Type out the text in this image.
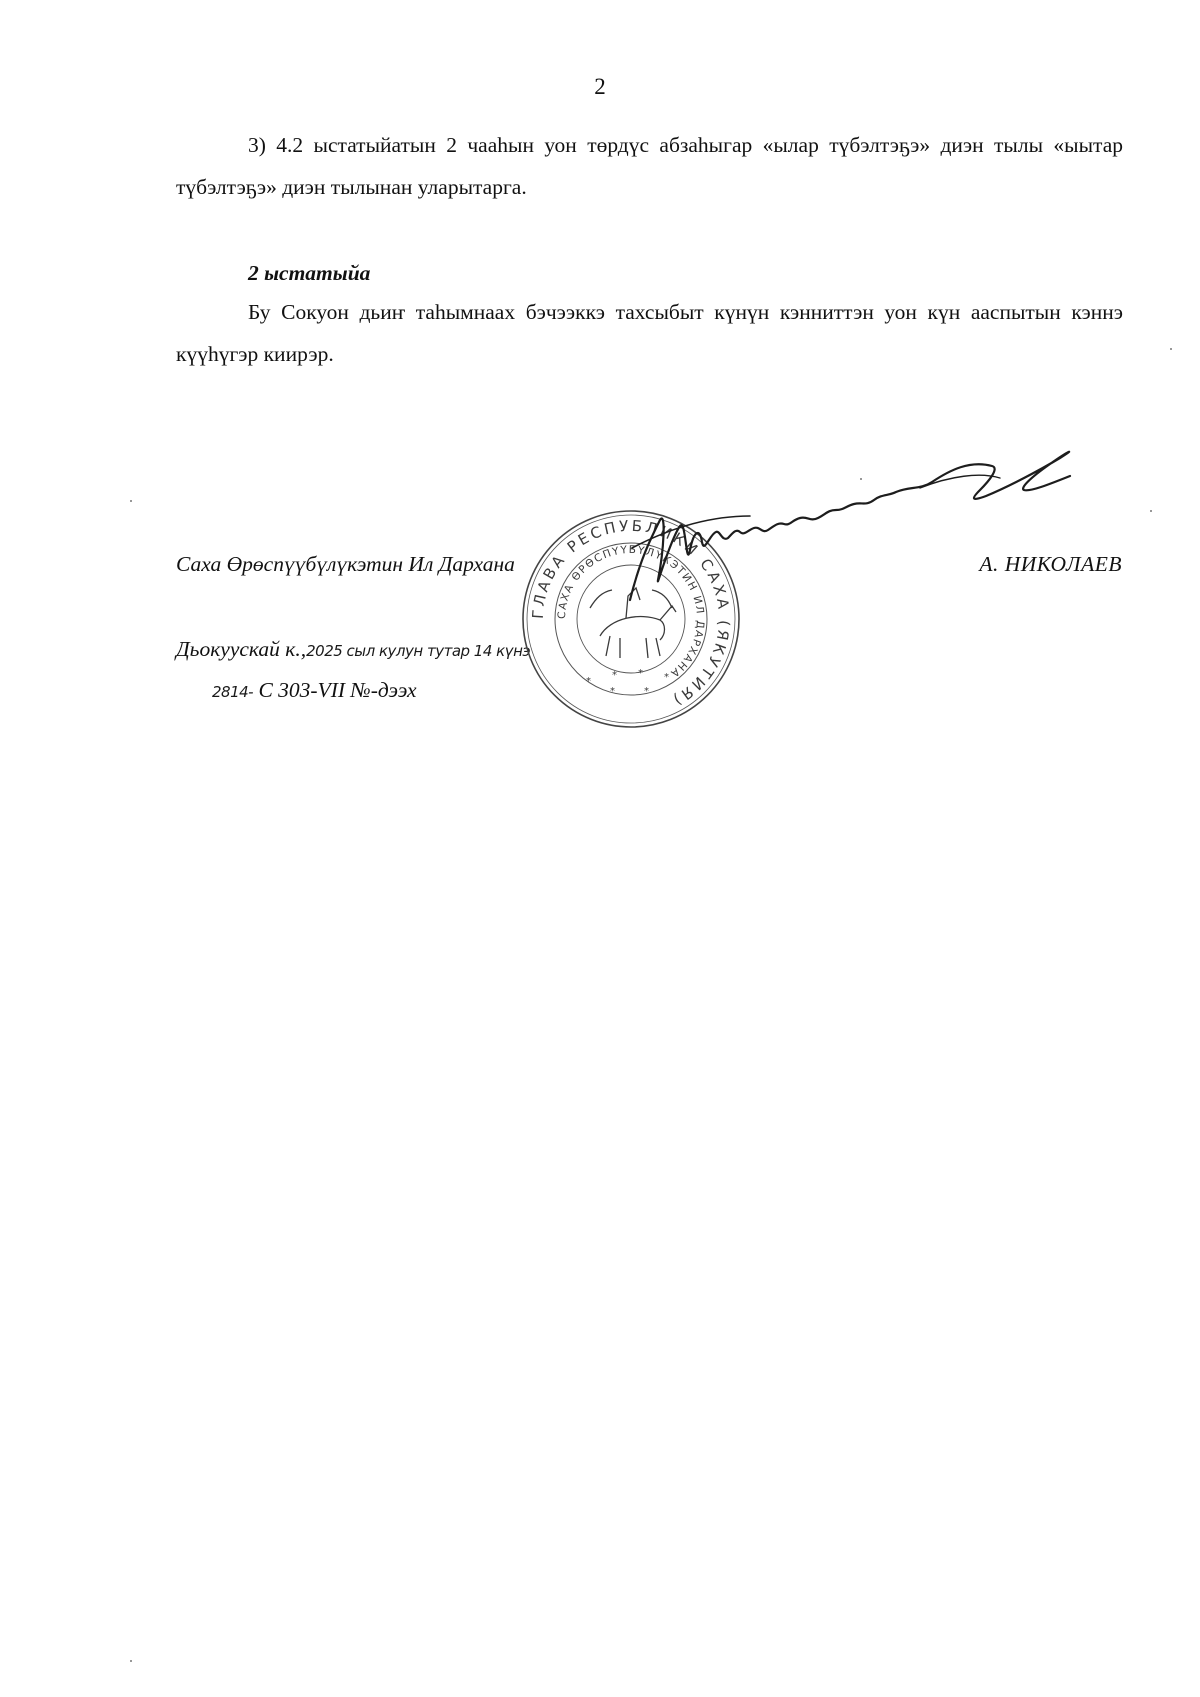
2

3) 4.2 ыстатыйатын 2 чааһын уон төрдүс абзаһыгар «ылар түбэлтэҕэ» диэн тылы «ыытар түбэлтэҕэ» диэн тылынан уларытарга.

2 ыстатыйа

Бу Сокуон дьиҥ таһымнаах бэчээккэ тахсыбыт күнүн кэнниттэн уон күн ааспытын кэннэ күүһүгэр киирэр.

Саха Өрөспүүбүлүкэтин Ил Дархана	А. НИКОЛАЕВ
Дьокуускай к.,2025 сыл кулун тутар 14 күнэ
2814- С 303-VII №-дээх
ГЛАВА РЕСПУБЛИКИ САХА (ЯКУТИЯ)
САХА ӨРӨСПҮҮБҮЛҮКЭТИН ИЛ ДАРХАНА
*
* * *
*	*
